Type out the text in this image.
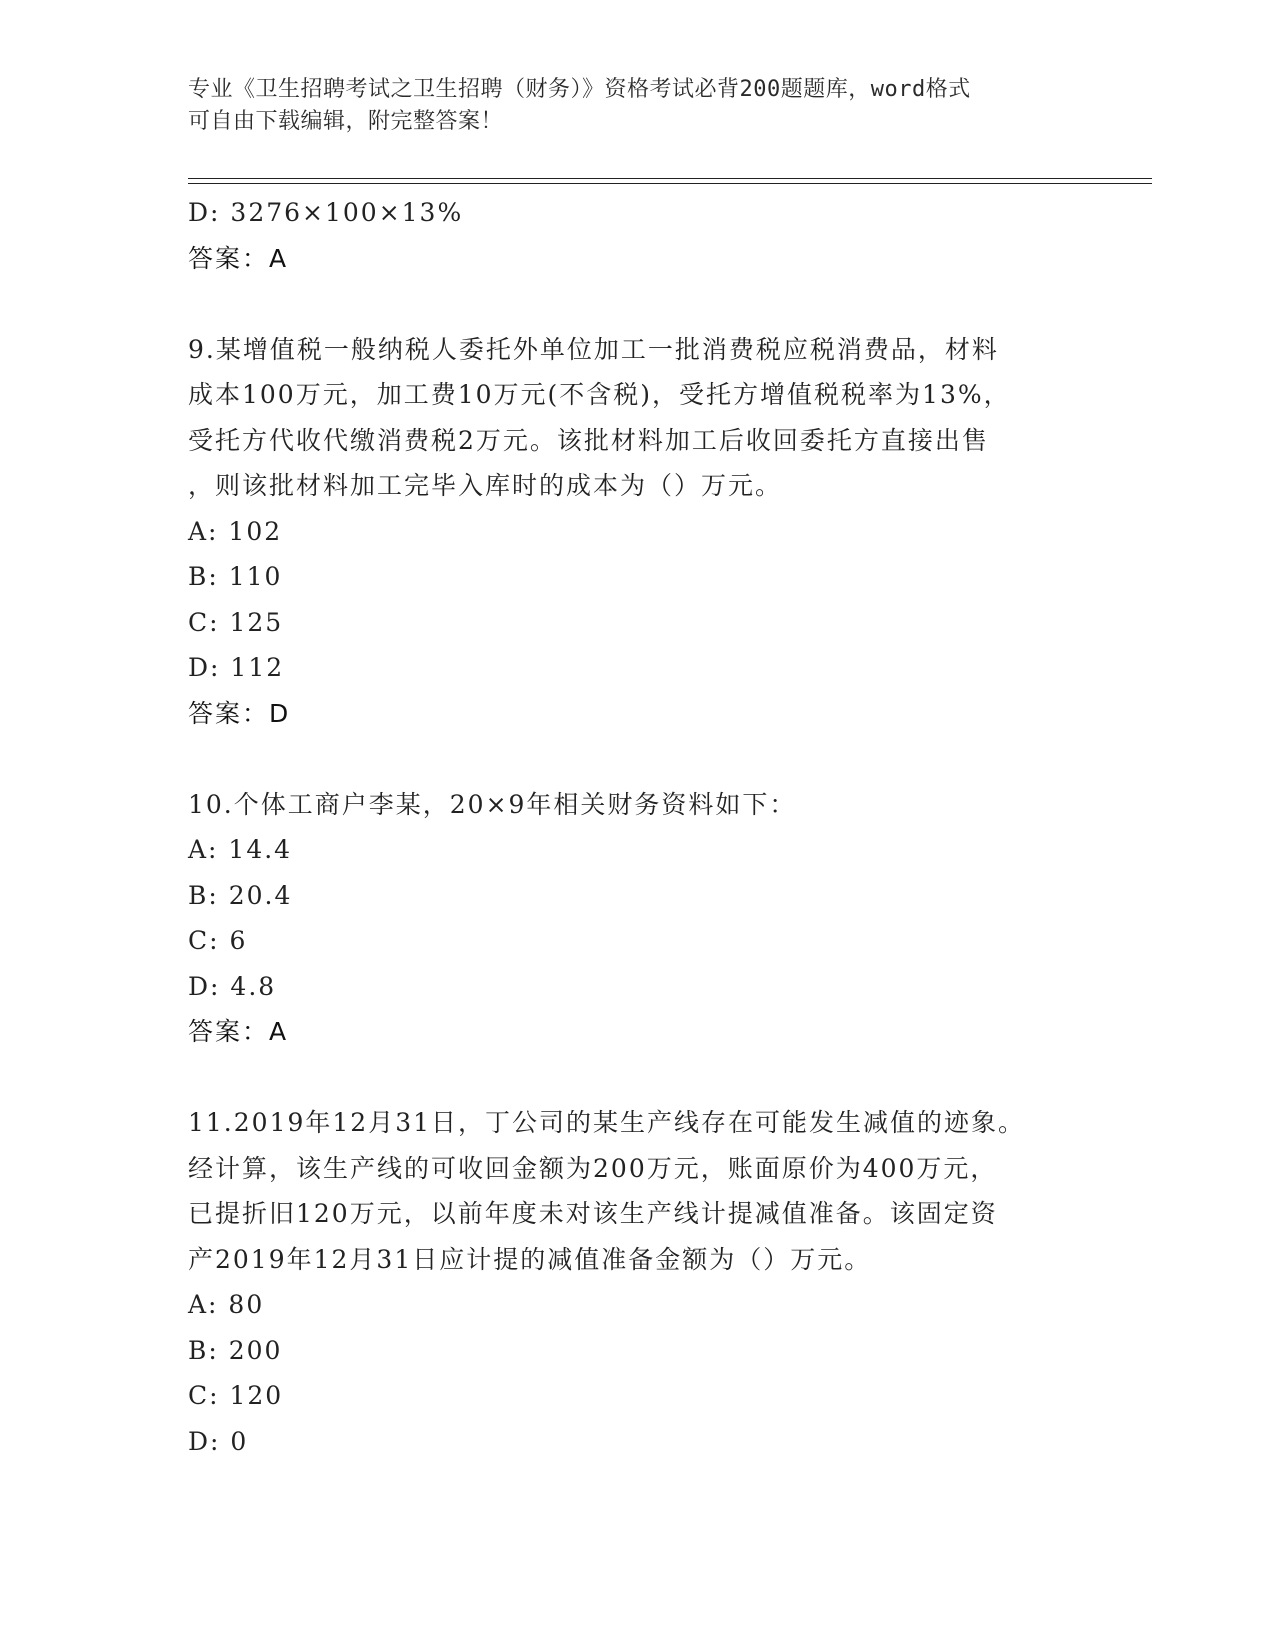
专业《卫生招聘考试之卫生招聘（财务）》资格考试必背200题题库，word格式
可自由下载编辑，附完整答案！
D: 3276×100×13%
答案：A
9.某增值税一般纳税人委托外单位加工一批消费税应税消费品，材料
成本100万元，加工费10万元(不含税)，受托方增值税税率为13%，
受托方代收代缴消费税2万元。该批材料加工后收回委托方直接出售
，则该批材料加工完毕入库时的成本为（）万元。
A: 102
B: 110
C: 125
D: 112
答案：D
10.个体工商户李某，20×9年相关财务资料如下：
A: 14.4
B: 20.4
C: 6
D: 4.8
答案：A
11.2019年12月31日，丁公司的某生产线存在可能发生减值的迹象。
经计算，该生产线的可收回金额为200万元，账面原价为400万元，
已提折旧120万元，以前年度未对该生产线计提减值准备。该固定资
产2019年12月31日应计提的减值准备金额为（）万元。
A: 80
B: 200
C: 120
D: 0
